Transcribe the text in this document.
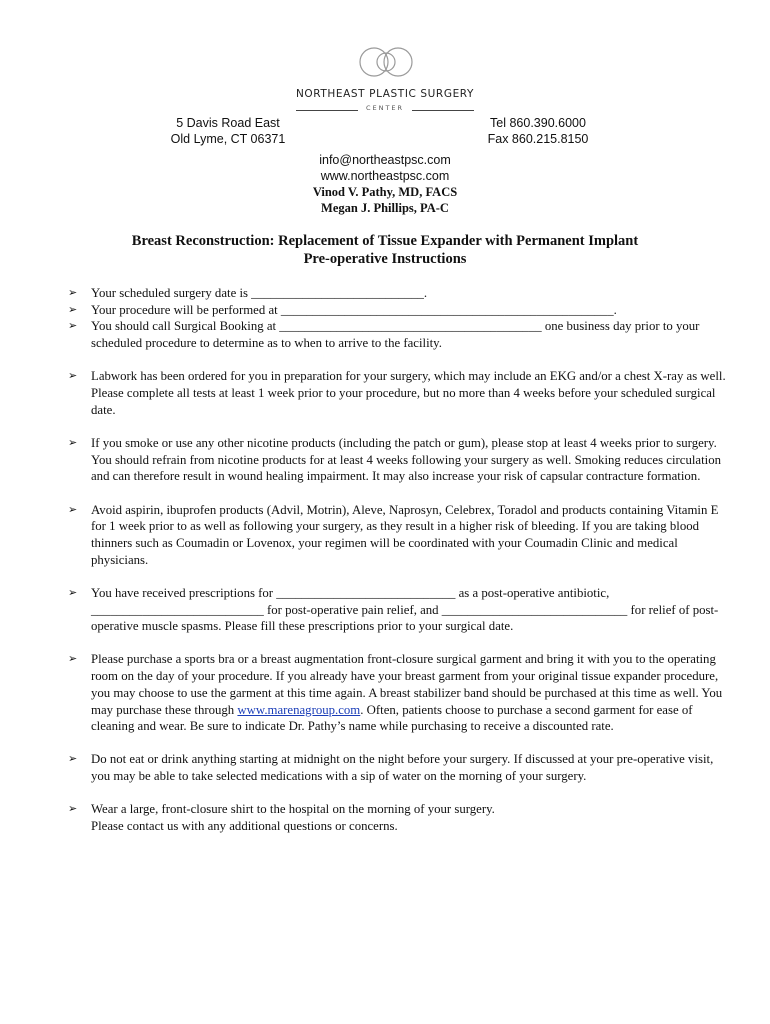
NORTHEAST PLASTIC SURGERY
CENTER
5 Davis Road East
Old Lyme, CT 06371
Tel 860.390.6000
Fax 860.215.8150
info@northeastpsc.com
www.northeastpsc.com
Vinod V. Pathy, MD, FACS
Megan J. Phillips, PA-C
Breast Reconstruction: Replacement of Tissue Expander with Permanent Implant
Pre-operative Instructions
➢ Your scheduled surgery date is ___________________________.

➢ Your procedure will be performed at ____________________________________________________.

➢ You should call Surgical Booking at _________________________________________ one business day prior to your scheduled procedure to determine as to when to arrive to the facility.

➢ Labwork has been ordered for you in preparation for your surgery, which may include an EKG and/or a chest X-ray as well. Please complete all tests at least 1 week prior to your procedure, but no more than 4 weeks before your scheduled surgical date.

➢ If you smoke or use any other nicotine products (including the patch or gum), please stop at least 4 weeks prior to surgery. You should refrain from nicotine products for at least 4 weeks following your surgery as well. Smoking reduces circulation and can therefore result in wound healing impairment. It may also increase your risk of capsular contracture formation.

➢ Avoid aspirin, ibuprofen products (Advil, Motrin), Aleve, Naprosyn, Celebrex, Toradol and products containing Vitamin E for 1 week prior to as well as following your surgery, as they result in a higher risk of bleeding. If you are taking blood thinners such as Coumadin or Lovenox, your regimen will be coordinated with your Coumadin Clinic and medical physicians.

➢ You have received prescriptions for ____________________________ as a post-operative antibiotic, ___________________________ for post-operative pain relief, and _____________________________ for relief of post-operative muscle spasms. Please fill these prescriptions prior to your surgical date.

➢ Please purchase a sports bra or a breast augmentation front-closure surgical garment and bring it with you to the operating room on the day of your procedure. If you already have your breast garment from your original tissue expander procedure, you may choose to use the garment at this time again. A breast stabilizer band should be purchased at this time as well. You may purchase these through www.marenagroup.com. Often, patients choose to purchase a second garment for ease of cleaning and wear. Be sure to indicate Dr. Pathy’s name while purchasing to receive a discounted rate.

➢ Do not eat or drink anything starting at midnight on the night before your surgery. If discussed at your pre-operative visit, you may be able to take selected medications with a sip of water on the morning of your surgery.

➢ Wear a large, front-closure shirt to the hospital on the morning of your surgery.

Please contact us with any additional questions or concerns.
